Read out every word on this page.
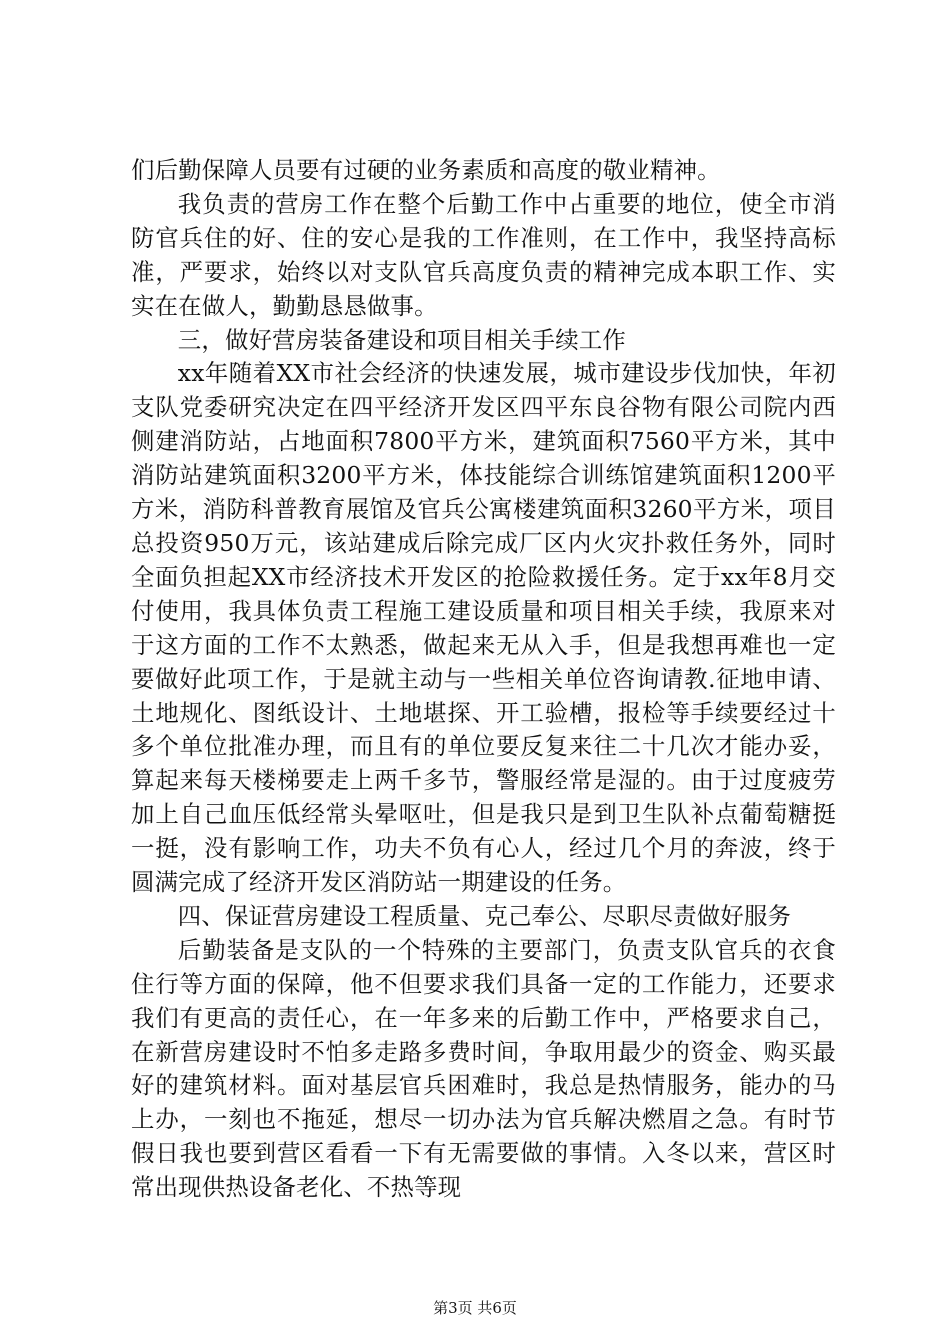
们后勤保障人员要有过硬的业务素质和高度的敬业精神。

我负责的营房工作在整个后勤工作中占重要的地位，使全市消防官兵住的好、住的安心是我的工作准则，在工作中，我坚持高标准，严要求，始终以对支队官兵高度负责的精神完成本职工作、实实在在做人，勤勤恳恳做事。

三，做好营房装备建设和项目相关手续工作

xx年随着XX市社会经济的快速发展，城市建设步伐加快，年初支队党委研究决定在四平经济开发区四平东良谷物有限公司院内西侧建消防站，占地面积7800平方米，建筑面积7560平方米，其中消防站建筑面积3200平方米，体技能综合训练馆建筑面积1200平方米，消防科普教育展馆及官兵公寓楼建筑面积3260平方米，项目总投资950万元，该站建成后除完成厂区内火灾扑救任务外，同时全面负担起XX市经济技术开发区的抢险救援任务。定于xx年8月交付使用，我具体负责工程施工建设质量和项目相关手续，我原来对于这方面的工作不太熟悉，做起来无从入手，但是我想再难也一定要做好此项工作，于是就主动与一些相关单位咨询请教.征地申请、土地规化、图纸设计、土地堪探、开工验槽，报检等手续要经过十多个单位批准办理，而且有的单位要反复来往二十几次才能办妥，算起来每天楼梯要走上两千多节，警服经常是湿的。由于过度疲劳加上自己血压低经常头晕呕吐，但是我只是到卫生队补点葡萄糖挺一挺，没有影响工作，功夫不负有心人，经过几个月的奔波，终于圆满完成了经济开发区消防站一期建设的任务。

四、保证营房建设工程质量、克己奉公、尽职尽责做好服务

后勤装备是支队的一个特殊的主要部门，负责支队官兵的衣食住行等方面的保障，他不但要求我们具备一定的工作能力，还要求我们有更高的责任心，在一年多来的后勤工作中，严格要求自己，在新营房建设时不怕多走路多费时间，争取用最少的资金、购买最好的建筑材料。面对基层官兵困难时，我总是热情服务，能办的马上办，一刻也不拖延，想尽一切办法为官兵解决燃眉之急。有时节假日我也要到营区看看一下有无需要做的事情。入冬以来，营区时常出现供热设备老化、不热等现

第3页 共6页
